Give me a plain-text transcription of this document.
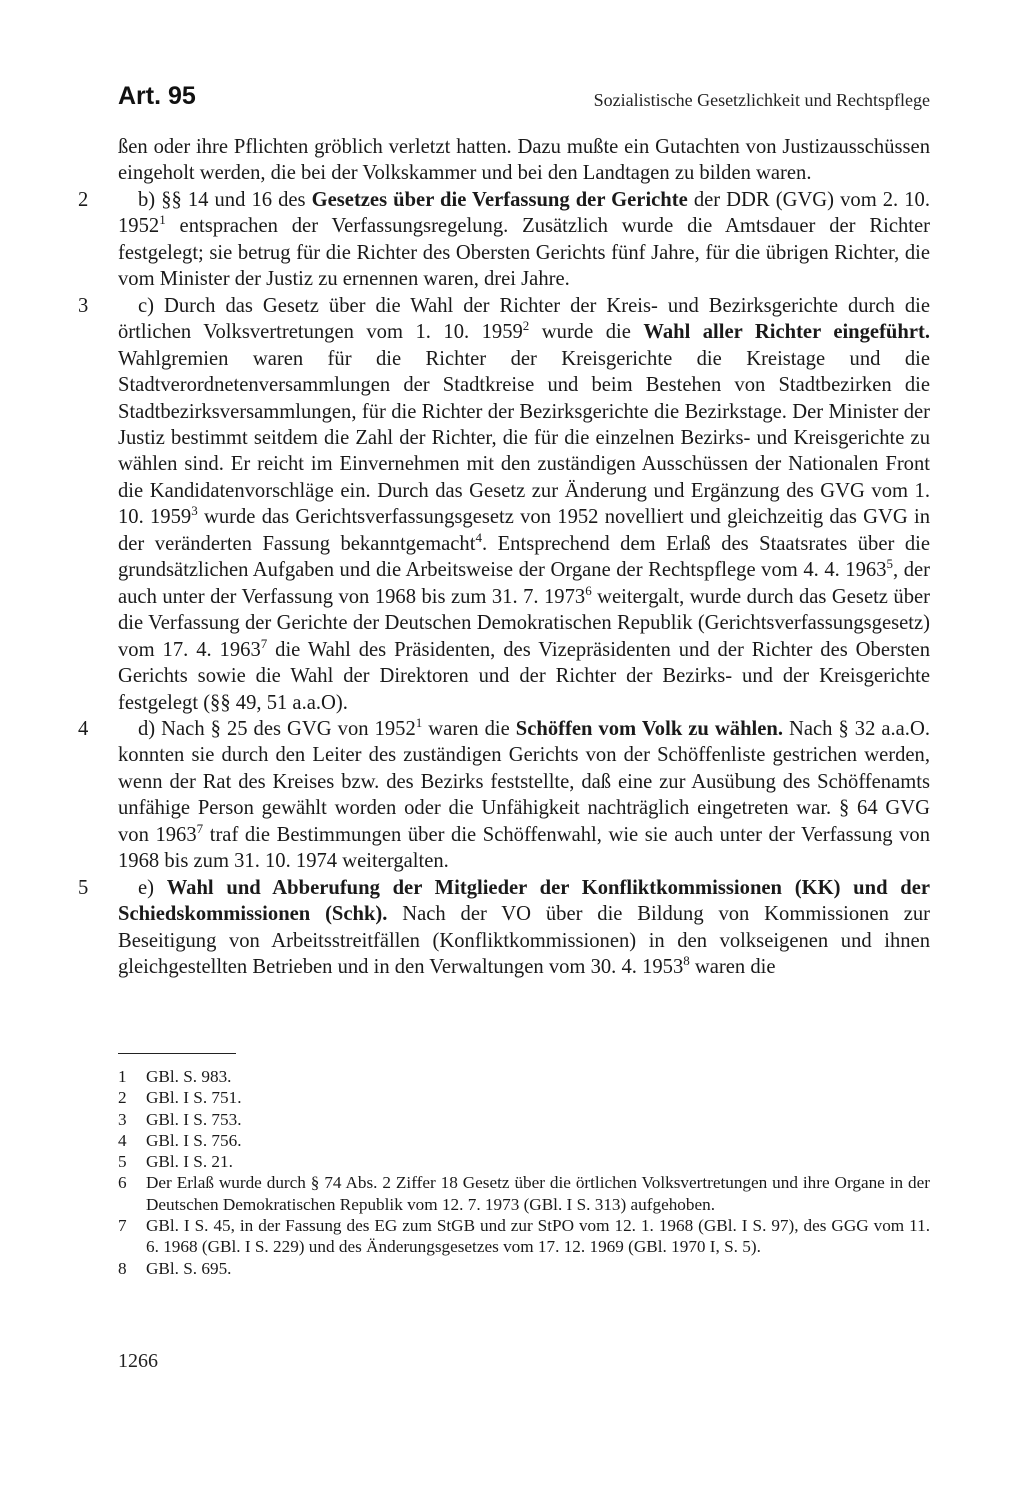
Art. 95	Sozialistische Gesetzlichkeit und Rechtspflege

ßen oder ihre Pflichten gröblich verletzt hatten. Dazu mußte ein Gutachten von Justizausschüssen eingeholt werden, die bei der Volkskammer und bei den Landtagen zu bilden waren.

2 b) §§ 14 und 16 des Gesetzes über die Verfassung der Gerichte der DDR (GVG) vom 2. 10. 1952$^1$ entsprachen der Verfassungsregelung. Zusätzlich wurde die Amtsdauer der Richter festgelegt; sie betrug für die Richter des Obersten Gerichts fünf Jahre, für die übrigen Richter, die vom Minister der Justiz zu ernennen waren, drei Jahre.

3 c) Durch das Gesetz über die Wahl der Richter der Kreis- und Bezirksgerichte durch die örtlichen Volksvertretungen vom 1. 10. 1959$^2$ wurde die Wahl aller Richter eingeführt. Wahlgremien waren für die Richter der Kreisgerichte die Kreistage und die Stadtverordnetenversammlungen der Stadtkreise und beim Bestehen von Stadtbezirken die Stadtbezirksversammlungen, für die Richter der Bezirksgerichte die Bezirkstage. Der Minister der Justiz bestimmt seitdem die Zahl der Richter, die für die einzelnen Bezirks- und Kreisgerichte zu wählen sind. Er reicht im Einvernehmen mit den zuständigen Ausschüssen der Nationalen Front die Kandidatenvorschläge ein. Durch das Gesetz zur Änderung und Ergänzung des GVG vom 1. 10. 1959$^3$ wurde das Gerichtsverfassungsgesetz von 1952 novelliert und gleichzeitig das GVG in der veränderten Fassung bekanntgemacht$^4$. Entsprechend dem Erlaß des Staatsrates über die grundsätzlichen Aufgaben und die Arbeitsweise der Organe der Rechtspflege vom 4. 4. 1963$^5$, der auch unter der Verfassung von 1968 bis zum 31. 7. 1973$^6$ weitergalt, wurde durch das Gesetz über die Verfassung der Gerichte der Deutschen Demokratischen Republik (Gerichtsverfassungsgesetz) vom 17. 4. 1963$^7$ die Wahl des Präsidenten, des Vizepräsidenten und der Richter des Obersten Gerichts sowie die Wahl der Direktoren und der Richter der Bezirks- und der Kreisgerichte festgelegt (§§ 49, 51 a.a.O).

4 d) Nach § 25 des GVG von 1952$^1$ waren die Schöffen vom Volk zu wählen. Nach § 32 a.a.O. konnten sie durch den Leiter des zuständigen Gerichts von der Schöffenliste gestrichen werden, wenn der Rat des Kreises bzw. des Bezirks feststellte, daß eine zur Ausübung des Schöffenamts unfähige Person gewählt worden oder die Unfähigkeit nachträglich eingetreten war. § 64 GVG von 1963$^7$ traf die Bestimmungen über die Schöffenwahl, wie sie auch unter der Verfassung von 1968 bis zum 31. 10. 1974 weitergalten.

5 e) Wahl und Abberufung der Mitglieder der Konfliktkommissionen (KK) und der Schiedskommissionen (Schk). Nach der VO über die Bildung von Kommissionen zur Beseitigung von Arbeitsstreitfällen (Konfliktkommissionen) in den volkseigenen und ihnen gleichgestellten Betrieben und in den Verwaltungen vom 30. 4. 1953$^8$ waren die

1 GBl. S. 983.
2 GBl. I S. 751.
3 GBl. I S. 753.
4 GBl. I S. 756.
5 GBl. I S. 21.
6 Der Erlaß wurde durch § 74 Abs. 2 Ziffer 18 Gesetz über die örtlichen Volksvertretungen und ihre Organe in der Deutschen Demokratischen Republik vom 12. 7. 1973 (GBl. I S. 313) aufgehoben.
7 GBl. I S. 45, in der Fassung des EG zum StGB und zur StPO vom 12. 1. 1968 (GBl. I S. 97), des GGG vom 11. 6. 1968 (GBl. I S. 229) und des Änderungsgesetzes vom 17. 12. 1969 (GBl. 1970 I, S. 5).
8 GBl. S. 695.
1266
